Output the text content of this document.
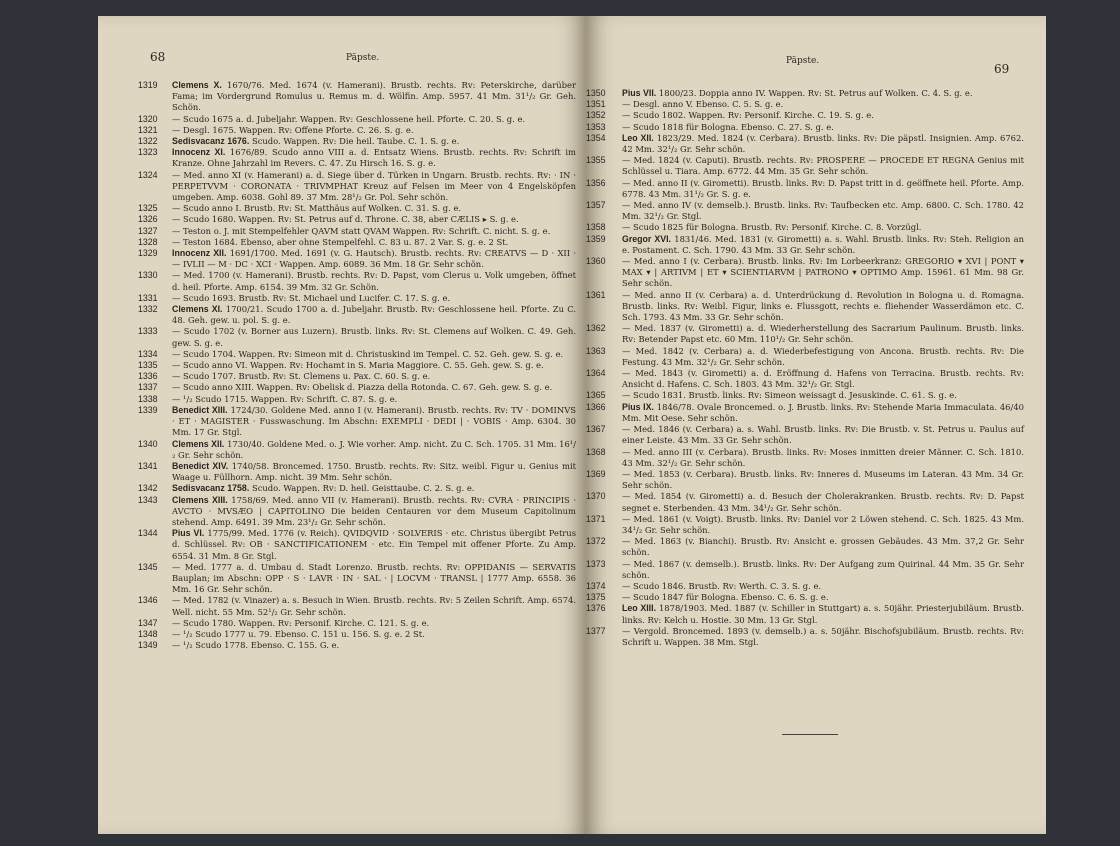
68	Päpste.
1319 Clemens X. 1670/76. Med. 1674 (v. Hamerani). Brustb. rechts. Rv: Peterskirche, darüber Fama; im Vordergrund Romulus u. Remus m. d. Wölfin. Amp. 5957. 41 Mm. 31¹/₂ Gr. Geh. Schön.
1320 — Scudo 1675 a. d. Jubeljahr. Wappen. Rv: Geschlossene heil. Pforte. C. 20. S. g. e.
1321 — Desgl. 1675. Wappen. Rv: Offene Pforte. C. 26. S. g. e.
1322 Sedisvacanz 1676. Scudo. Wappen. Rv: Die heil. Taube. C. 1. S. g. e.
1323 Innocenz XI. 1676/89. Scudo anno VIII a. d. Entsatz Wiens. Brustb. rechts. Rv: Schrift im Kranze. Ohne Jahrzahl im Revers. C. 47. Zu Hirsch 16. S. g. e.
1324 — Med. anno XI (v. Hamerani) a. d. Siege über d. Türken in Ungarn. Brustb. rechts. Rv: · IN · PERPETVVM · CORONATA · TRIVMPHAT Kreuz auf Felsen im Meer von 4 Engelsköpfen umgeben. Amp. 6038. Gohl 89. 37 Mm. 28¹/₂ Gr. Pol. Sehr schön.
1325 — Scudo anno I. Brustb. Rv: St. Matthäus auf Wolken. C. 31. S. g. e.
1326 — Scudo 1680. Wappen. Rv: St. Petrus auf d. Throne. C. 38, aber CÆLIS ▸ S. g. e.
1327 — Teston o. J. mit Stempelfehler QAVM statt QVAM Wappen. Rv: Schrift. C. nicht. S. g. e.
1328 — Teston 1684. Ebenso, aber ohne Stempelfehl. C. 83 u. 87. 2 Var. S. g. e. 2 St.
1329 Innocenz XII. 1691/1700. Med. 1691 (v. G. Hautsch). Brustb. rechts. Rv: CREATVS — D · XII · — IVLII — M · DC · XCI · Wappen. Amp. 6089. 36 Mm. 18 Gr. Sehr schön.
1330 — Med. 1700 (v. Hamerani). Brustb. rechts. Rv: D. Papst, vom Clerus u. Volk umgeben, öffnet d. heil. Pforte. Amp. 6154. 39 Mm. 32 Gr. Schön.
1331 — Scudo 1693. Brustb. Rv: St. Michael und Lucifer. C. 17. S. g. e.
1332 Clemens XI. 1700/21. Scudo 1700 a. d. Jubeljahr. Brustb. Rv: Geschlossene heil. Pforte. Zu C. 48. Geh. gew. u. pol. S. g. e.
1333 — Scudo 1702 (v. Borner aus Luzern). Brustb. links. Rv: St. Clemens auf Wolken. C. 49. Geh. gew. S. g. e.
1334 — Scudo 1704. Wappen. Rv: Simeon mit d. Christuskind im Tempel. C. 52. Geh. gew. S. g. e.
1335 — Scudo anno VI. Wappen. Rv: Hochamt in S. Maria Maggiore. C. 55. Geh. gew. S. g. e.
1336 — Scudo 1707. Brustb. Rv: St. Clemens u. Pax. C. 60. S. g. e.
1337 — Scudo anno XIII. Wappen. Rv: Obelisk d. Piazza della Rotonda. C. 67. Geh. gew. S. g. e.
1338 — ¹/₂ Scudo 1715. Wappen. Rv: Schrift. C. 87. S. g. e.
1339 Benedict XIII. 1724/30. Goldene Med. anno I (v. Hamerani). Brustb. rechts. Rv: TV · DOMINVS · ET · MAGISTER · Fusswaschung. Im Abschn: EXEMPLI · DEDI | · VOBIS · Amp. 6304. 30 Mm. 17 Gr. Stgl.
1340 Clemens XII. 1730/40. Goldene Med. o. J. Wie vorher. Amp. nicht. Zu C. Sch. 1705. 31 Mm. 16¹/₂ Gr. Sehr schön.
1341 Benedict XIV. 1740/58. Broncemed. 1750. Brustb. rechts. Rv: Sitz. weibl. Figur u. Genius mit Waage u. Füllhorn. Amp. nicht. 39 Mm. Sehr schön.
1342 Sedisvacanz 1758. Scudo. Wappen. Rv: D. heil. Geisttaube. C. 2. S. g. e.
1343 Clemens XIII. 1758/69. Med. anno VII (v. Hamerani). Brustb. rechts. Rv: CVRA · PRINCIPIS · AVCTO · MVSÆO | CAPITOLINO Die beiden Centauren vor dem Museum Capitolinum stehend. Amp. 6491. 39 Mm. 23¹/₂ Gr. Sehr schön.
1344 Pius VI. 1775/99. Med. 1776 (v. Reich). QVIDQVID · SOLVERIS · etc. Christus übergibt Petrus d. Schlüssel. Rv: OB · SANCTIFICATIONEM · etc. Ein Tempel mit offener Pforte. Zu Amp. 6554. 31 Mm. 8 Gr. Stgl.
1345 — Med. 1777 a. d. Umbau d. Stadt Lorenzo. Brustb. rechts. Rv: OPPIDANIS — SERVATIS Bauplan; im Abschn: OPP · S · LAVR · IN · SAL · | LOCVM · TRANSL | 1777 Amp. 6558. 36 Mm. 16 Gr. Sehr schön.
1346 — Med. 1782 (v. Vinazer) a. s. Besuch in Wien. Brustb. rechts. Rv: 5 Zeilen Schrift. Amp. 6574. Well. nicht. 55 Mm. 52¹/₂ Gr. Sehr schön.
1347 — Scudo 1780. Wappen. Rv: Personif. Kirche. C. 121. S. g. e.
1348 — ¹/₂ Scudo 1777 u. 79. Ebenso. C. 151 u. 156. S. g. e. 2 St.
1349 — ¹/₂ Scudo 1778. Ebenso. C. 155. G. e.
69
Päpste.
1350 Pius VII. 1800/23. Doppia anno IV. Wappen. Rv: St. Petrus auf Wolken. C. 4. S. g. e.
1351 — Desgl. anno V. Ebenso. C. 5. S. g. e.
1352 — Scudo 1802. Wappen. Rv: Personif. Kirche. C. 19. S. g. e.
1353 — Scudo 1818 für Bologna. Ebenso. C. 27. S. g. e.
1354 Leo XII. 1823/29. Med. 1824 (v. Cerbara). Brustb. links. Rv: Die päpstl. Insignien. Amp. 6762. 42 Mm. 32¹/₂ Gr. Sehr schön.
1355 — Med. 1824 (v. Caputi). Brustb. rechts. Rv: PROSPERE — PROCEDE ET REGNA Genius mit Schlüssel u. Tiara. Amp. 6772. 44 Mm. 35 Gr. Sehr schön.
1356 — Med. anno II (v. Girometti). Brustb. links. Rv: D. Papst tritt in d. geöffnete heil. Pforte. Amp. 6778. 43 Mm. 31¹/₂ Gr. S. g. e.
1357 — Med. anno IV (v. demselb.). Brustb. links. Rv: Taufbecken etc. Amp. 6800. C. Sch. 1780. 42 Mm. 32¹/₂ Gr. Stgl.
1358 — Scudo 1825 für Bologna. Brustb. Rv: Personif. Kirche. C. 8. Vorzügl.
1359 Gregor XVI. 1831/46. Med. 1831 (v. Girometti) a. s. Wahl. Brustb. links. Rv: Steh. Religion an e. Postament. C. Sch. 1790. 43 Mm. 33 Gr. Sehr schön.
1360 — Med. anno I (v. Cerbara). Brustb. links. Rv: Im Lorbeerkranz: GREGORIO ▾ XVI | PONT ▾ MAX ▾ | ARTIVM | ET ▾ SCIENTIARVM | PATRONO ▾ OPTIMO Amp. 15961. 61 Mm. 98 Gr. Sehr schön.
1361 — Med. anno II (v. Cerbara) a. d. Unterdrückung d. Revolution in Bologna u. d. Romagna. Brustb. links. Rv: Weibl. Figur, links e. Flussgott, rechts e. fliehender Wasserdämon etc. C. Sch. 1793. 43 Mm. 33 Gr. Sehr schön.
1362 — Med. 1837 (v. Girometti) a. d. Wiederherstellung des Sacrarium Paulinum. Brustb. links. Rv: Betender Papst etc. 60 Mm. 110¹/₂ Gr. Sehr schön.
1363 — Med. 1842 (v. Cerbara) a. d. Wiederbefestigung von Ancona. Brustb. rechts. Rv: Die Festung. 43 Mm. 32¹/₂ Gr. Sehr schön.
1364 — Med. 1843 (v. Girometti) a. d. Eröffnung d. Hafens von Terracina. Brustb. rechts. Rv: Ansicht d. Hafens. C. Sch. 1803. 43 Mm. 32¹/₂ Gr. Stgl.
1365 — Scudo 1831. Brustb. links. Rv: Simeon weissagt d. Jesuskinde. C. 61. S. g. e.
1366 Pius IX. 1846/78. Ovale Broncemed. o. J. Brustb. links. Rv: Stehende Maria Immaculata. 46/40 Mm. Mit Oese. Sehr schön.
1367 — Med. 1846 (v. Cerbara) a. s. Wahl. Brustb. links. Rv: Die Brustb. v. St. Petrus u. Paulus auf einer Leiste. 43 Mm. 33 Gr. Sehr schön.
1368 — Med. anno III (v. Cerbara). Brustb. links. Rv: Moses inmitten dreier Männer. C. Sch. 1810. 43 Mm. 32¹/₂ Gr. Sehr schön.
1369 — Med. 1853 (v. Cerbara). Brustb. links. Rv: Inneres d. Museums im Lateran. 43 Mm. 34 Gr. Sehr schön.
1370 — Med. 1854 (v. Girometti) a. d. Besuch der Cholerakranken. Brustb. rechts. Rv: D. Papst segnet e. Sterbenden. 43 Mm. 34¹/₂ Gr. Sehr schön.
1371 — Med. 1861 (v. Voigt). Brustb. links. Rv: Daniel vor 2 Löwen stehend. C. Sch. 1825. 43 Mm. 34¹/₂ Gr. Sehr schön.
1372 — Med. 1863 (v. Bianchi). Brustb. Rv: Ansicht e. grossen Gebäudes. 43 Mm. 37,2 Gr. Sehr schön.
1373 — Med. 1867 (v. demselb.). Brustb. links. Rv: Der Aufgang zum Quirinal. 44 Mm. 35 Gr. Sehr schön.
1374 — Scudo 1846. Brustb. Rv: Werth. C. 3. S. g. e.
1375 — Scudo 1847 für Bologna. Ebenso. C. 6. S. g. e.
1376 Leo XIII. 1878/1903. Med. 1887 (v. Schiller in Stuttgart) a. s. 50jähr. Priesterjubiläum. Brustb. links. Rv: Kelch u. Hostie. 30 Mm. 13 Gr. Stgl.
1377 — Vergold. Broncemed. 1893 (v. demselb.) a. s. 50jähr. Bischofsjubiläum. Brustb. rechts. Rv: Schrift u. Wappen. 38 Mm. Stgl.
